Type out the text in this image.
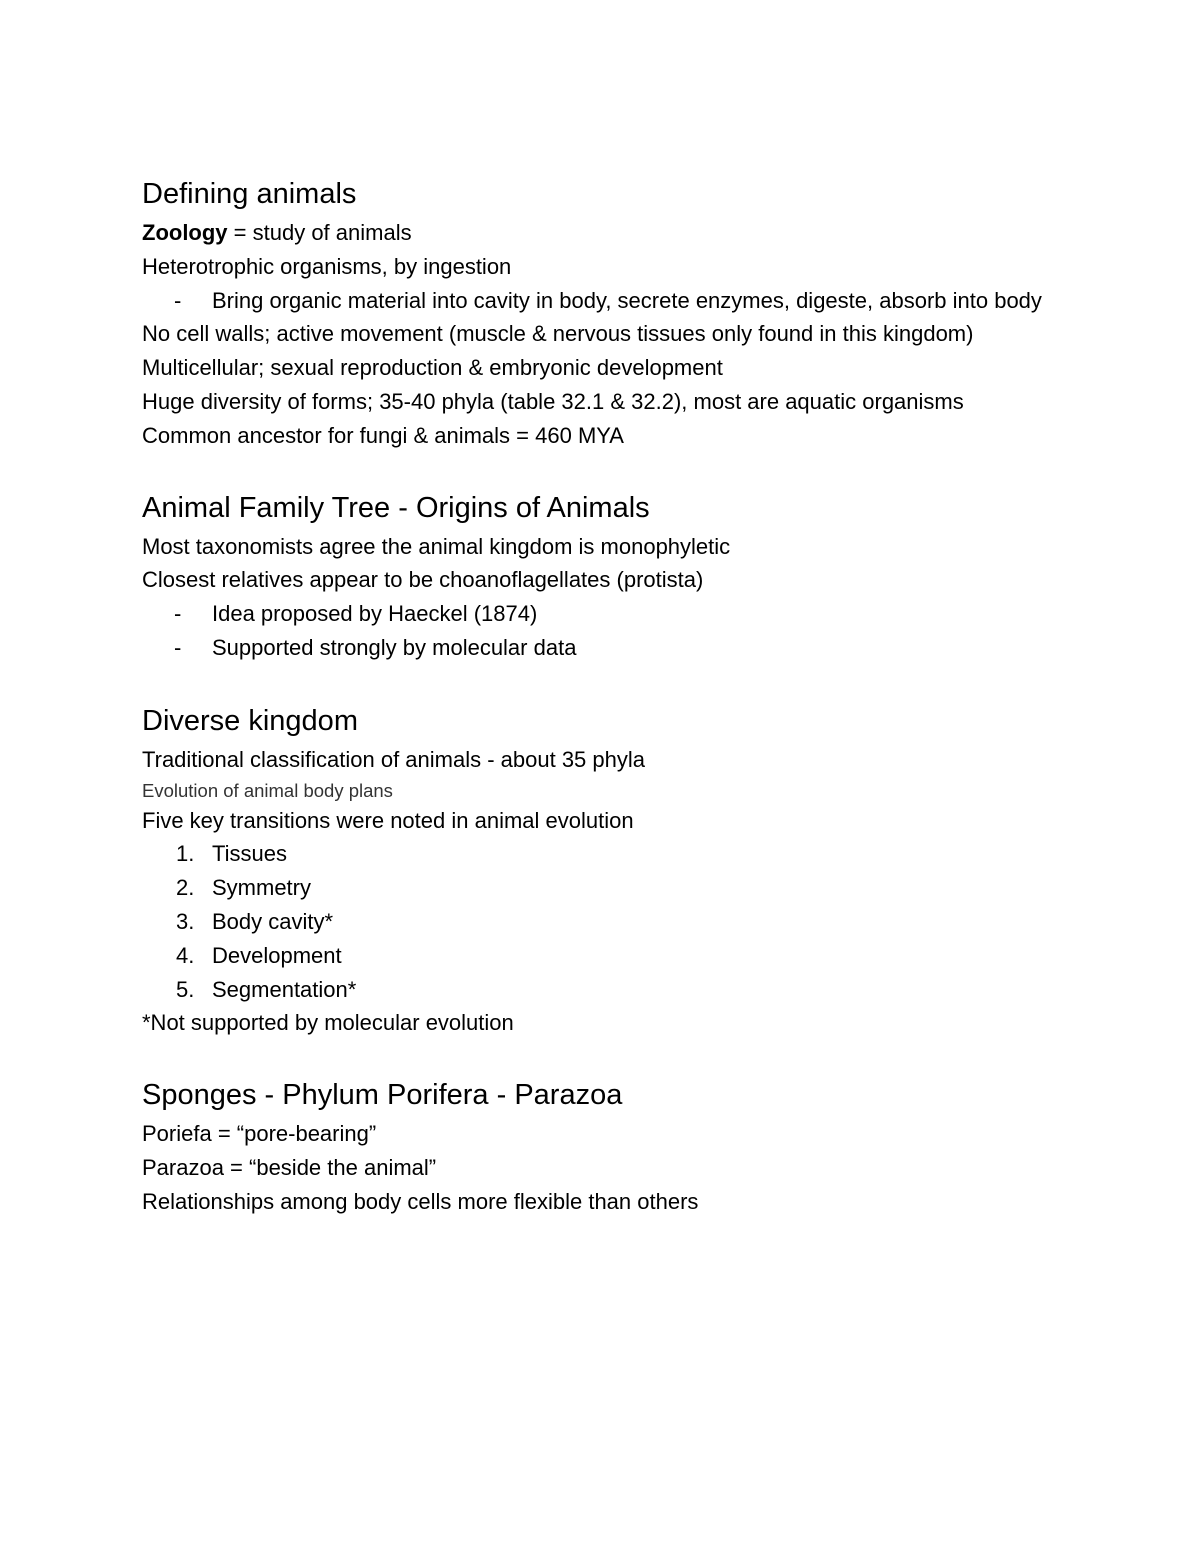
Defining animals

Zoology = study of animals

Heterotrophic organisms, by ingestion

- Bring organic material into cavity in body, secrete enzymes, digeste, absorb into body

No cell walls; active movement (muscle & nervous tissues only found in this kingdom)

Multicellular; sexual reproduction & embryonic development

Huge diversity of forms; 35-40 phyla (table 32.1 & 32.2), most are aquatic organisms

Common ancestor for fungi & animals = 460 MYA

Animal Family Tree - Origins of Animals

Most taxonomists agree the animal kingdom is monophyletic

Closest relatives appear to be choanoflagellates (protista)

- Idea proposed by Haeckel (1874)
- Supported strongly by molecular data
Diverse kingdom

Traditional classification of animals - about 35 phyla

Evolution of animal body plans

Five key transitions were noted in animal evolution

1. Tissues
2. Symmetry
3. Body cavity*
4. Development
5. Segmentation*

*Not supported by molecular evolution

Sponges - Phylum Porifera - Parazoa

Poriefa = “pore-bearing”

Parazoa = “beside the animal”

Relationships among body cells more flexible than others
